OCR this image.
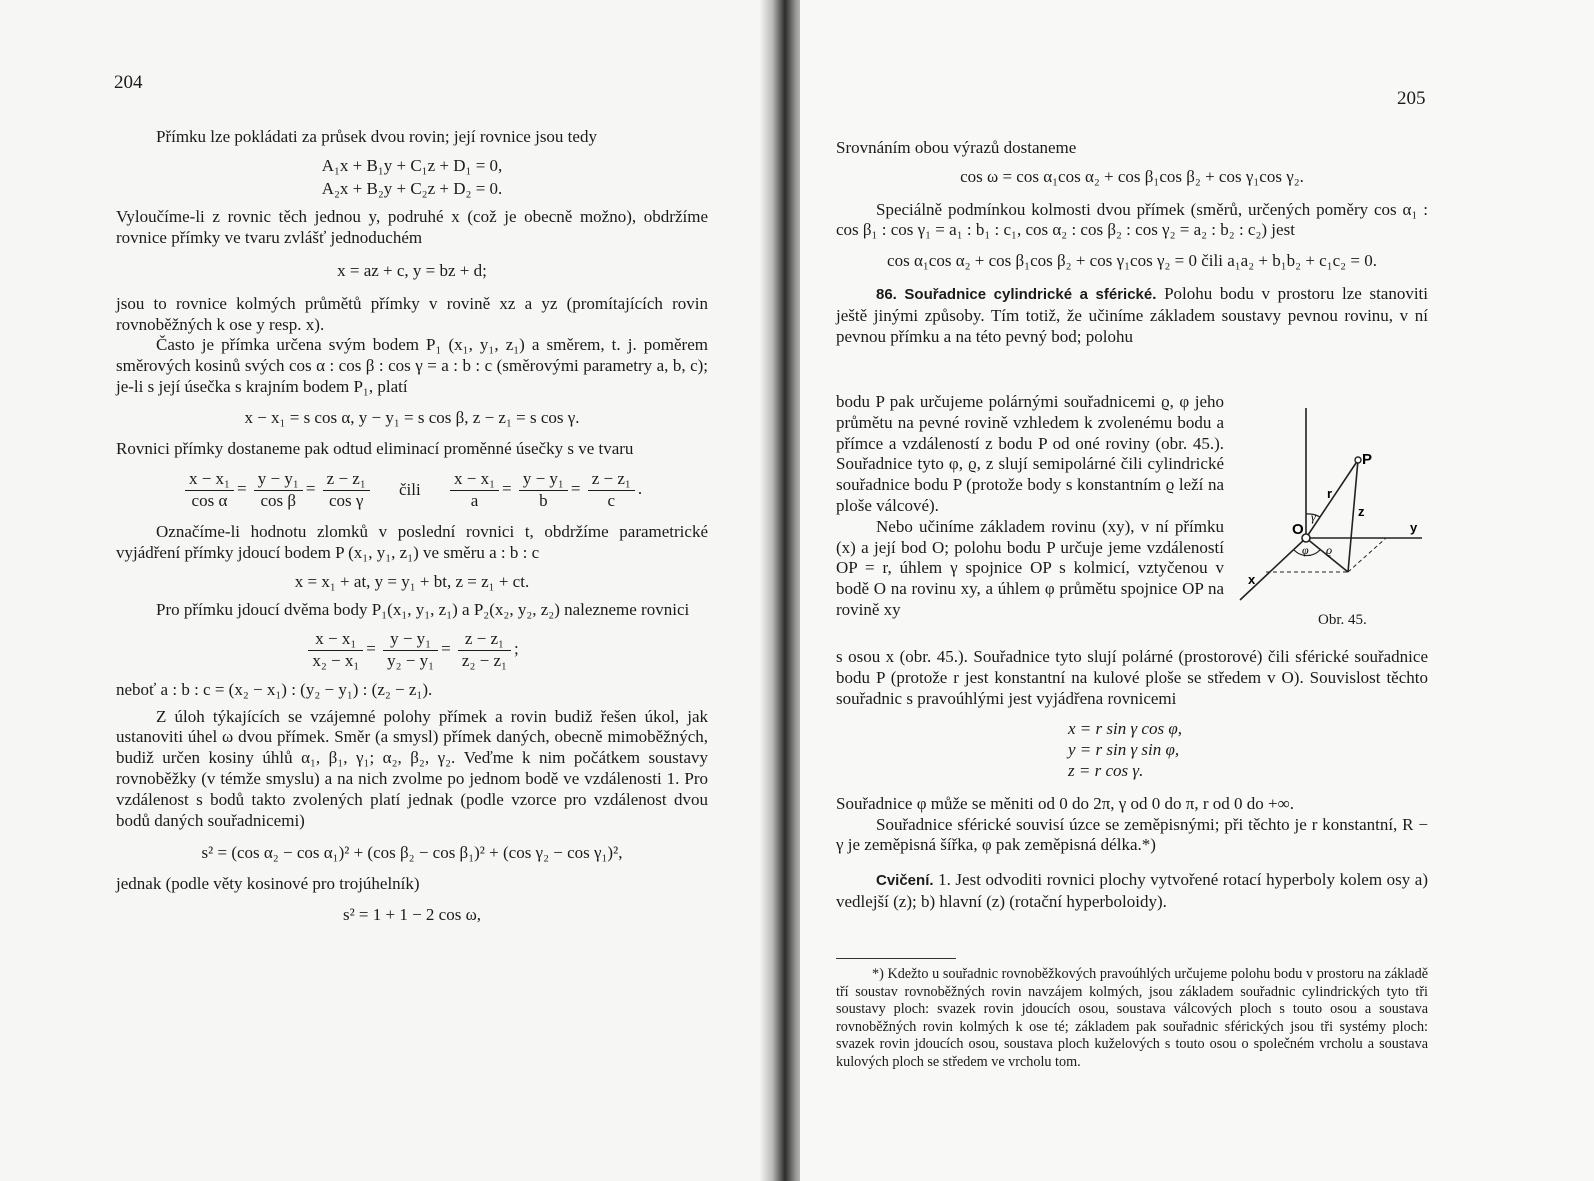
204

Přímku lze pokládati za průsek dvou rovin; její rovnice jsou tedy

A₁x + B₁y + C₁z + D₁ = 0,

A₂x + B₂y + C₂z + D₂ = 0.

Vyloučíme-li z rovnic těch jednou y, podruhé x (což je obecně možno), obdržíme rovnice přímky ve tvaru zvlášť jednoduchém

x = az + c, y = bz + d;

jsou to rovnice kolmých průmětů přímky v rovině xz a yz (promítajících rovin rovnoběžných k ose y resp. x).

Často je přímka určena svým bodem P₁ (x₁, y₁, z₁) a směrem, t. j. poměrem směrových kosinů svých cos α : cos β : cos γ = a : b : c (směrovými parametry a, b, c); je-li s její úsečka s krajním bodem P₁, platí

x − x₁ = s cos α, y − y₁ = s cos β, z − z₁ = s cos γ.

Rovnici přímky dostaneme pak odtud eliminací proměnné úsečky s ve tvaru

$\frac{\text{x − x₁}}{\text{cos α}} = \frac{\text{y − y₁}}{\text{cos β}} = \frac{\text{z − z₁}}{\text{cos γ}}$ čili $\frac{\text{x − x₁}}{a} = \frac{\text{y − y₁}}{b} = \frac{\text{z − z₁}}{c}$ .

Označíme-li hodnotu zlomků v poslední rovnici t, obdržíme parametrické vyjádření přímky jdoucí bodem P (x₁, y₁, z₁) ve směru a : b : c

x = x₁ + at, y = y₁ + bt, z = z₁ + ct.

Pro přímku jdoucí dvěma body P₁(x₁, y₁, z₁) a P₂(x₂, y₂, z₂) nalezneme rovnici

$\frac{\text{x − x₁}}{\text{x₂ − x₁}} = \frac{\text{y − y₁}}{\text{y₂ − y₁}} = \frac{\text{z − z₁}}{\text{z₂ − z₁}}$ ;

neboť a : b : c = (x₂ − x₁) : (y₂ − y₁) : (z₂ − z₁).

Z úloh týkajících se vzájemné polohy přímek a rovin budiž řešen úkol, jak ustanoviti úhel ω dvou přímek. Směr (a smysl) přímek daných, obecně mimoběžných, budiž určen kosiny úhlů α₁, β₁, γ₁; α₂, β₂, γ₂. Veďme k nim počátkem soustavy rovnoběžky (v témže smyslu) a na nich zvolme po jednom bodě ve vzdálenosti 1. Pro vzdálenost s bodů takto zvolených platí jednak (podle vzorce pro vzdálenost dvou bodů daných souřadnicemi)

s² = (cos α₂ − cos α₁)² + (cos β₂ − cos β₁)² + (cos γ₂ − cos γ₁)²,

jednak (podle věty kosinové pro trojúhelník)

s² = 1 + 1 − 2 cos ω,

205

Srovnáním obou výrazů dostaneme

cos ω = cos α₁cos α₂ + cos β₁cos β₂ + cos γ₁cos γ₂.

Speciálně podmínkou kolmosti dvou přímek (směrů, určených poměry cos α₁ : cos β₁ : cos γ₁ = a₁ : b₁ : c₁, cos α₂ : cos β₂ : cos γ₂ = a₂ : b₂ : c₂) jest

cos α₁cos α₂ + cos β₁cos β₂ + cos γ₁cos γ₂ = 0 čili a₁a₂ + b₁b₂ + c₁c₂ = 0.

86. Souřadnice cylindrické a sférické. Polohu bodu v prostoru lze stanoviti ještě jinými způsoby. Tím totiž, že učiníme základem soustavy pevnou rovinu, v ní pevnou přímku a na této pevný bod; polohu

bodu P pak určujeme polárnými souřadnicemi ϱ, φ jeho průmětu na pevné rovině vzhledem k zvolenému bodu a přímce a vzdáleností z bodu P od oné roviny (obr. 45.). Souřadnice tyto φ, ϱ, z slují semipolárné čili cylindrické souřadnice bodu P (protože body s konstantním ϱ leží na ploše válcové).

Nebo učiníme základem rovinu (xy), v ní přímku (x) a její bod O; polohu bodu P určuje jeme vzdáleností OP = r, úhlem γ spojnice OP s kolmicí, vztyčenou v bodě O na rovinu xy, a úhlem φ průmětu spojnice OP na rovině xy

P
O
r
z
y
x
γ
φ ϱ
Obr. 45.

s osou x (obr. 45.). Souřadnice tyto slují polárné (prostorové) čili sférické souřadnice bodu P (protože r jest konstantní na kulové ploše se středem v O). Souvislost těchto souřadnic s pravoúhlými jest vyjádřena rovnicemi

x = r sin γ cos φ,

y = r sin γ sin φ,

z = r cos γ.

Souřadnice φ může se měniti od 0 do 2π, γ od 0 do π, r od 0 do +∞.

Souřadnice sférické souvisí úzce se zeměpisnými; při těchto je r konstantní, R − γ je zeměpisná šířka, φ pak zeměpisná délka.*)

Cvičení. 1. Jest odvoditi rovnici plochy vytvořené rotací hyperboly kolem osy a) vedlejší (z); b) hlavní (z) (rotační hyperboloidy).

*) Kdežto u souřadnic rovnoběžkových pravoúhlých určujeme polohu bodu v prostoru na základě tří soustav rovnoběžných rovin navzájem kolmých, jsou základem souřadnic cylindrických tyto tři soustavy ploch: svazek rovin jdoucích osou, soustava válcových ploch s touto osou a soustava rovnoběžných rovin kolmých k ose té; základem pak souřadnic sférických jsou tři systémy ploch: svazek rovin jdoucích osou, soustava ploch kuželových s touto osou o společném vrcholu a soustava kulových ploch se středem ve vrcholu tom.
